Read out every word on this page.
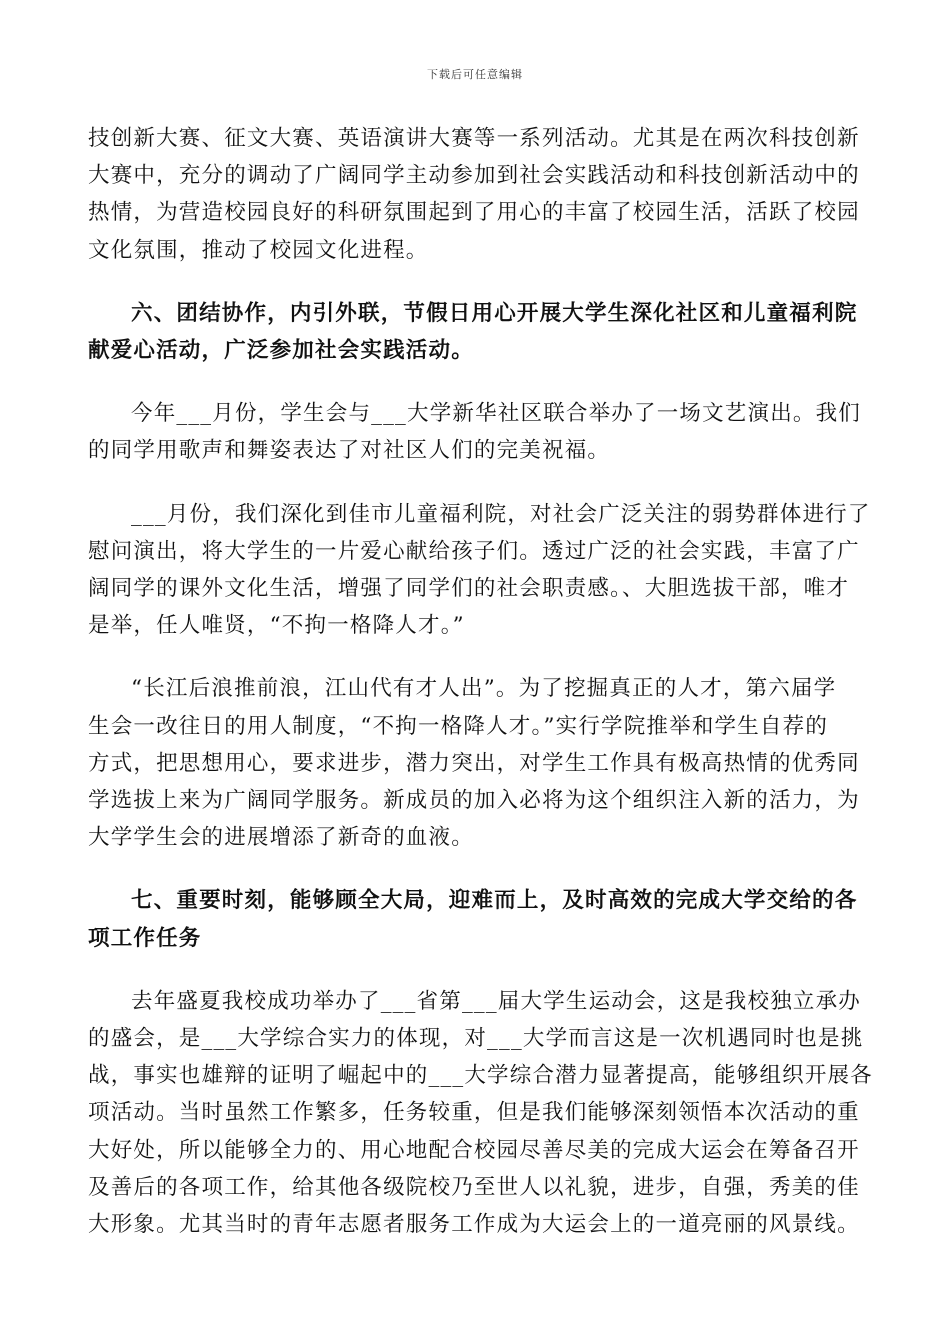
下载后可任意编辑

技创新大赛、征文大赛、英语演讲大赛等一系列活动。尤其是在两次科技创新
大赛中，充分的调动了广阔同学主动参加到社会实践活动和科技创新活动中的
热情，为营造校园良好的科研氛围起到了用心的丰富了校园生活，活跃了校园
文化氛围，推动了校园文化进程。

六、团结协作，内引外联，节假日用心开展大学生深化社区和儿童福利院
献爱心活动，广泛参加社会实践活动。

今年___月份，学生会与___大学新华社区联合举办了一场文艺演出。我们
的同学用歌声和舞姿表达了对社区人们的完美祝福。

___月份，我们深化到佳市儿童福利院，对社会广泛关注的弱势群体进行了
慰问演出，将大学生的一片爱心献给孩子们。透过广泛的社会实践，丰富了广
阔同学的课外文化生活，增强了同学们的社会职责感。、大胆选拔干部，唯才
是举，任人唯贤，“不拘一格降人才。”

“长江后浪推前浪，江山代有才人出”。为了挖掘真正的人才，第六届学
生会一改往日的用人制度，“不拘一格降人才。”实行学院推举和学生自荐的
方式，把思想用心，要求进步，潜力突出，对学生工作具有极高热情的优秀同
学选拔上来为广阔同学服务。新成员的加入必将为这个组织注入新的活力，为
大学学生会的进展增添了新奇的血液。

七、重要时刻，能够顾全大局，迎难而上，及时高效的完成大学交给的各
项工作任务

去年盛夏我校成功举办了___省第___届大学生运动会，这是我校独立承办
的盛会，是___大学综合实力的体现，对___大学而言这是一次机遇同时也是挑
战，事实也雄辩的证明了崛起中的___大学综合潜力显著提高，能够组织开展各
项活动。当时虽然工作繁多，任务较重，但是我们能够深刻领悟本次活动的重
大好处，所以能够全力的、用心地配合校园尽善尽美的完成大运会在筹备召开
及善后的各项工作，给其他各级院校乃至世人以礼貌，进步，自强，秀美的佳
大形象。尤其当时的青年志愿者服务工作成为大运会上的一道亮丽的风景线。
